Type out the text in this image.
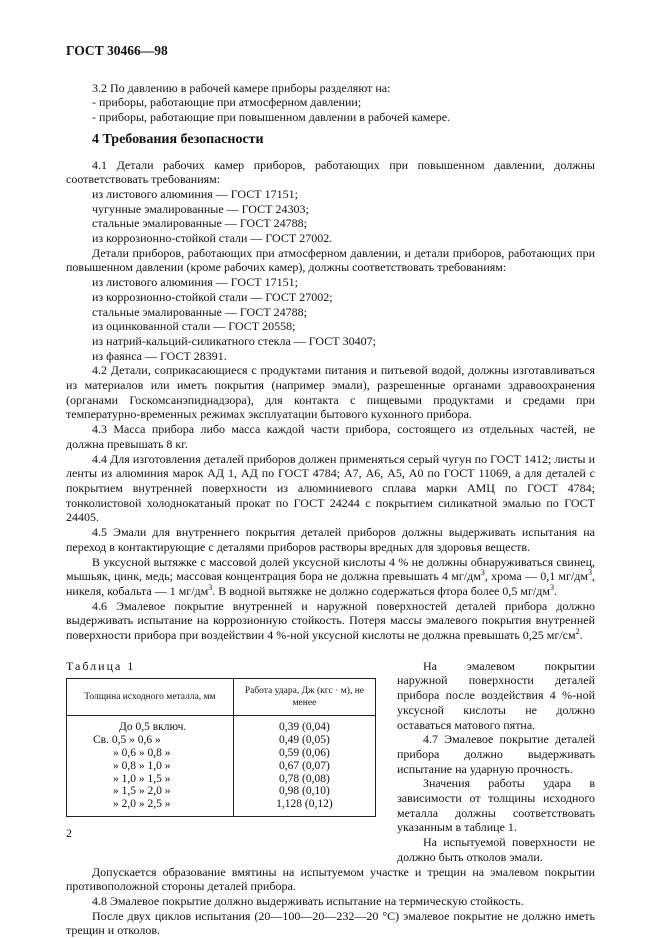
ГОСТ 30466—98

3.2 По давлению в рабочей камере приборы разделяют на:

- приборы, работающие при атмосферном давлении;

- приборы, работающие при повышенном давлении в рабочей камере.

4 Требования безопасности

4.1 Детали рабочих камер приборов, работающих при повышенном давлении, должны соответствовать требованиям:

из листового алюминия — ГОСТ 17151;

чугунные эмалированные — ГОСТ 24303;

стальные эмалированные — ГОСТ 24788;

из коррозионно-стойкой стали — ГОСТ 27002.

Детали приборов, работающих при атмосферном давлении, и детали приборов, работающих при повышенном давлении (кроме рабочих камер), должны соответствовать требованиям:

из листового алюминия — ГОСТ 17151;

из коррозионно-стойкой стали — ГОСТ 27002;

стальные эмалированные — ГОСТ 24788;

из оцинкованной стали — ГОСТ 20558;

из натрий-кальций-силикатного стекла — ГОСТ 30407;

из фаянса — ГОСТ 28391.

4.2 Детали, соприкасающиеся с продуктами питания и питьевой водой, должны изготавливаться из материалов или иметь покрытия (например эмали), разрешенные органами здравоохранения (органами Госкомсанэпиднадзора), для контакта с пищевыми продуктами и средами при температурно-временных режимах эксплуатации бытового кухонного прибора.

4.3 Масса прибора либо масса каждой части прибора, состоящего из отдельных частей, не должна превышать 8 кг.

4.4 Для изготовления деталей приборов должен применяться серый чугун по ГОСТ 1412; листы и ленты из алюминия марок АД 1, АД по ГОСТ 4784; А7, А6, А5, А0 по ГОСТ 11069, а для деталей с покрытием внутренней поверхности из алюминиевого сплава марки АМЦ по ГОСТ 4784; тонколистовой холоднокатаный прокат по ГОСТ 24244 с покрытием силикатной эмалью по ГОСТ 24405.

4.5 Эмали для внутреннего покрытия деталей приборов должны выдерживать испытания на переход в контактирующие с деталями приборов растворы вредных для здоровья веществ.

В уксусной вытяжке с массовой долей уксусной кислоты 4 % не должны обнаруживаться свинец, мышьяк, цинк, медь; массовая концентрация бора не должна превышать 4 $мг/дм^3$, хрома — 0,1 $мг/дм^3$, никеля, кобальта — 1 $мг/дм^3$. В водной вытяжке не должно содержаться фтора более 0,5 $мг/дм^3$.

4.6 Эмалевое покрытие внутренней и наружной поверхностей деталей прибора должно выдерживать испытание на коррозионную стойкость. Потеря массы эмалевого покрытия внутренней поверхности прибора при воздействии 4 %-ной уксусной кислоты не должна превышать 0,25 $мг/см^2$.

Таблица 1
Толщина исходного металла, мм	Работа удара, Дж (кгс · м), не менее
До 0,5 включ.	0,39 (0,04)
Св. 0,5 » 0,6 »	0,49 (0,05)
» 0,6 » 0,8 »	0,59 (0,06)
» 0,8 » 1,0 »	0,67 (0,07)
» 1,0 » 1,5 »	0,78 (0,08)
» 1,5 » 2,0 »	0,98 (0,10)
» 2,0 » 2,5 »	1,128 (0,12)

На эмалевом покрытии наружной поверхности деталей прибора после воздействия 4 %-ной уксусной кислоты не должно оставаться матового пятна.

4.7 Эмалевое покрытие деталей прибора должно выдерживать испытание на ударную прочность.

Значения работы удара в зависимости от толщины исходного металла должны соответствовать указанным в таблице 1.

На испытуемой поверхности не должно быть отколов эмали.

Допускается образование вмятины на испытуемом участке и трещин на эмалевом покрытии противоположной стороны деталей прибора.

4.8 Эмалевое покрытие должно выдерживать испытание на термическую стойкость.

После двух циклов испытания (20—100—20—232—20 °С) эмалевое покрытие не должно иметь трещин и отколов.

2
